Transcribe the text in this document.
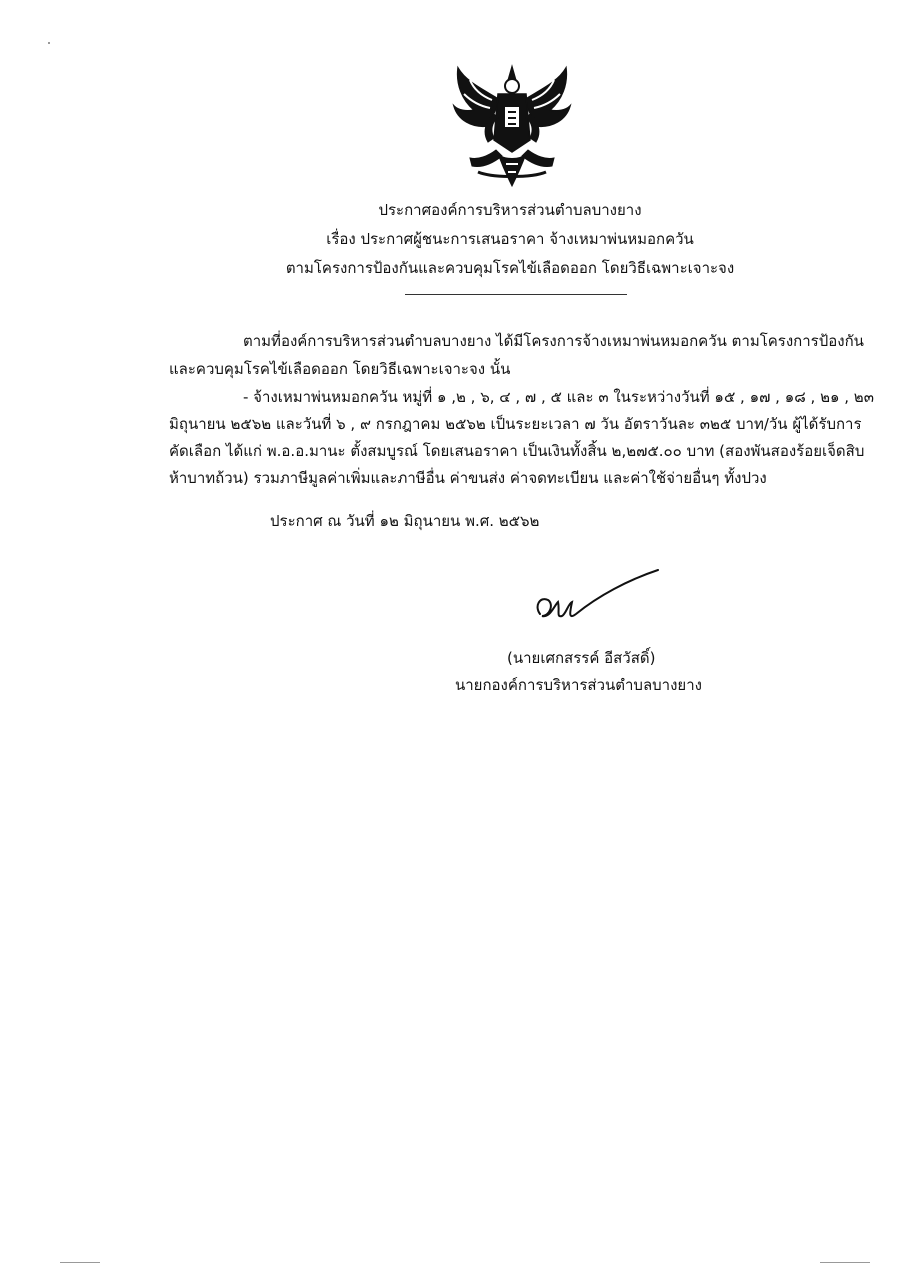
ประกาศองค์การบริหารส่วนตำบลบางยาง
เรื่อง ประกาศผู้ชนะการเสนอราคา จ้างเหมาพ่นหมอกควัน
ตามโครงการป้องกันและควบคุมโรคไข้เลือดออก โดยวิธีเฉพาะเจาะจง
ตามที่องค์การบริหารส่วนตำบลบางยาง ได้มีโครงการจ้างเหมาพ่นหมอกควัน ตามโครงการป้องกัน
และควบคุมโรคไข้เลือดออก โดยวิธีเฉพาะเจาะจง นั้น
- จ้างเหมาพ่นหมอกควัน หมู่ที่ ๑ ,๒ , ๖, ๔ , ๗ , ๕ และ ๓ ในระหว่างวันที่ ๑๕ , ๑๗ , ๑๘ , ๒๑ , ๒๓
มิถุนายน ๒๕๖๒ และวันที่ ๖ , ๙ กรกฎาคม ๒๕๖๒ เป็นระยะเวลา ๗ วัน อัตราวันละ ๓๒๕ บาท/วัน ผู้ได้รับการ
คัดเลือก ได้แก่ พ.อ.อ.มานะ ตั้งสมบูรณ์ โดยเสนอราคา เป็นเงินทั้งสิ้น ๒,๒๗๕.๐๐ บาท (สองพันสองร้อยเจ็ดสิบ
ห้าบาทถ้วน) รวมภาษีมูลค่าเพิ่มและภาษีอื่น ค่าขนส่ง ค่าจดทะเบียน และค่าใช้จ่ายอื่นๆ ทั้งปวง
ประกาศ ณ วันที่ ๑๒ มิถุนายน พ.ศ. ๒๕๖๒
(นายเศกสรรค์ อีสวัสดิ์)
นายกองค์การบริหารส่วนตำบลบางยาง
